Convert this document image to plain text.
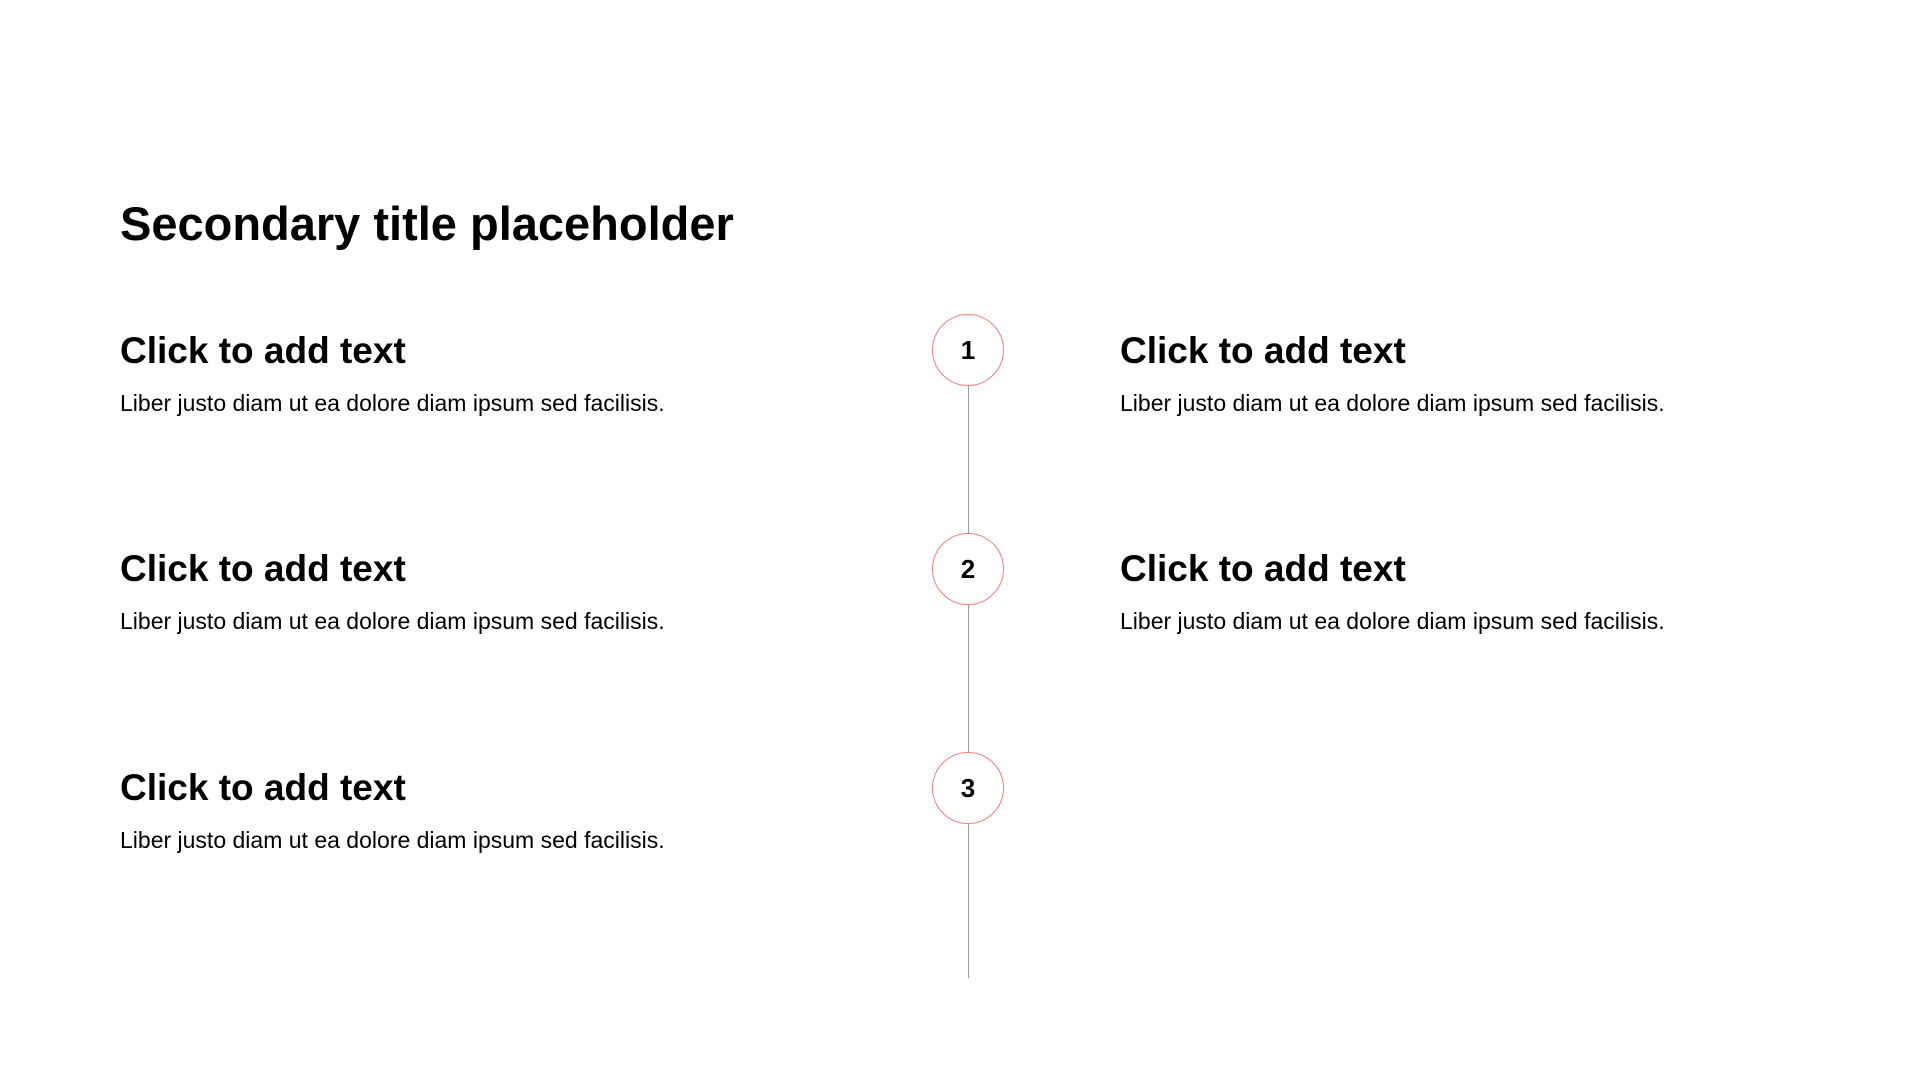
Secondary title placeholder
1
2
3
Click to add text

Liber justo diam ut ea dolore diam ipsum sed facilisis.

Click to add text

Liber justo diam ut ea dolore diam ipsum sed facilisis.

Click to add text

Liber justo diam ut ea dolore diam ipsum sed facilisis.

Click to add text

Liber justo diam ut ea dolore diam ipsum sed facilisis.

Click to add text

Liber justo diam ut ea dolore diam ipsum sed facilisis.
